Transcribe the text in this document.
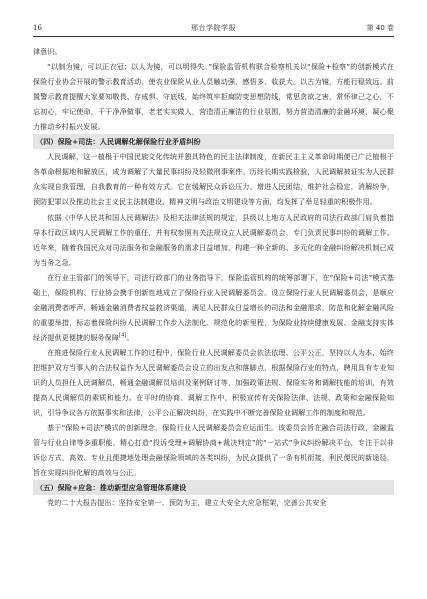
16	邢台学院学报	第 40 卷

律意识。

“以制为镜，可以正衣冠；以人为镜，可以明得失。”保险监管机构联合检察机关以“保险+检察”的创新模式在保险行业协会开展的警示教育活动，使农业保险从业人员触动强、感悟多、收获大。以古为镜，方能行稳致远。前置警示教育提醒大家要知敬畏、存戒惧、守底线，始终筑牢拒腐防变思想防线，常思贪欲之害，常怀律己之心，不忘初心，牢记使命，干干净净做事，老老实实做人，营造清正廉洁的行业氛围，努力营造清廉的金融环境，凝心聚力推动乡村振兴发展。

（四）保险+司法：人民调解化解保险行业矛盾纠纷

人民调解，这一植根于中国民族文化传统并独具特色的民主法律制度，在新民主主义革命时期便已广泛植根于各革命根据地和解放区，成为调解了大量民事纠纷及轻微刑事案件。历经长期实践检验，人民调解被证实为人民群众实现自我管理，自我教育的一种有效方式。它在缓解民众诉讼压力、增进人民团结，维护社会稳定，消解纷争，预防犯罪以及推动社会主义民主法制建设、精神文明与政治文明建设等方面，均发挥了举足轻重的积极作用。

依据《中华人民共和国人民调解法》及相关法律法规的规定，县级以上地方人民政府的司法行政部门肩负着指导本行政区域内人民调解工作的重任，并有权参照有关法规设立人民调解委员会，专门负责民事纠纷的调解工作。近年来，随着我国民众对司法服务和金融服务的需求日益增加，构建一种全新的、多元化的金融纠纷解决机制已成为当务之急。

在行业主管部门的领导下，司法行政部门的业务指导下，保险监管机构的统筹部署下，在“保险+司法”模式基础上，保险机构、行业协会携手创新性地成立了保险行业人民调解委员会。设立保险行业人民调解委员会，是顺应金融消费者呼声，畅通金融消费者权益救济渠道，满足人民群众日益增长的司法和金融需求，防范和化解金融风险的重要举措，标志着保险纠纷人民调解工作步入法制化、规范化的新里程，为保险业持续健康发展、金融支持实体经济提供更便捷的服务保障[4]。

在推进保险行业人民调解工作的过程中，保险行业人民调解委员会依法依理、公平公正，坚持以人为本，始终把维护双方当事人的合法权益作为人民调解委员会设立的出发点和落脚点，根据保险行业的特点，聘用具有专业知识的人员担任人民调解员，畅通金融调解员培训及案例研讨等，加强政策法规、保险实务和调解技能的培训，有效提高人民调解员的素质和能力。在平时的协商、调解工作中，积极宣传有关保险法律、法规、政策和金融保险知识，引导争议各方依据事实和法律，公平公正解决纠纷，在实践中不断完善保险业调解工作的制度和规范。

基于“保险+司法”模式的创新理念，保险行业人民调解委员会应运而生。该委员会旨在融合司法行政，金融监管与行业自律等多重职能，精心打造“投诉受理+调解协商+裁决判定”的“一站式”争议纠纷解决平台，专注于以非诉讼方式，高效、专业且便捷地处理金融保险领域的各类纠纷，为民众提供了一条有机衔接，利民便民的新途径，旨在实现纠纷化解的高效与公正。

（五）保险+应急：推动新型应急管理体系建设

党的二十大报告提出：坚持安全第一、预防为主，建立大安全大应急框架，完善公共安全
